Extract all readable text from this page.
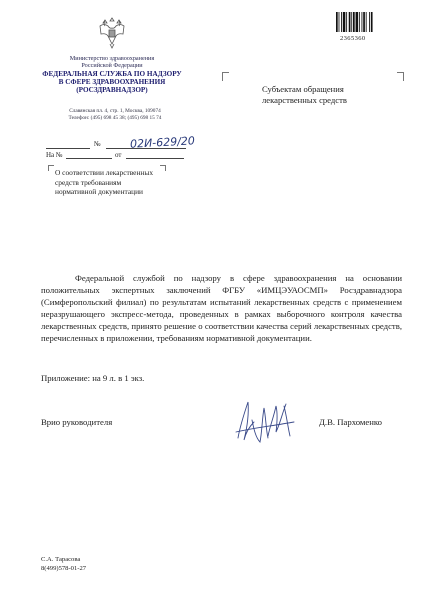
2365360
Министерство здравоохранения
Российской Федерации
ФЕДЕРАЛЬНАЯ СЛУЖБА ПО НАДЗОРУ
В СФЕРЕ ЗДРАВООХРАНЕНИЯ
(РОСЗДРАВНАДЗОР)
Славянская пл. 4, стр. 1, Москва, 109074
Телефон: (495) 698 45 38; (495) 698 15 74
Субъектам обращения
лекарственных средств
№	02И-629/20
На №	от
О соответствии лекарственных
средств требованиям
нормативной документации
Федеральной службой по надзору в сфере здравоохранения на основании положительных экспертных заключений ФГБУ «ИМЦЭУАОСМП» Росздравнадзора (Симферопольский филиал) по результатам испытаний лекарственных средств с применением неразрушающего экспресс-метода, проведенных в рамках выборочного контроля качества лекарственных средств, принято решение о соответствии качества серий лекарственных средств, перечисленных в приложении, требованиям нормативной документации.
Приложение: на 9 л. в 1 экз.
Врио руководителя	Д.В. Пархоменко
С.А. Тарасова
8(499)578-01-27
